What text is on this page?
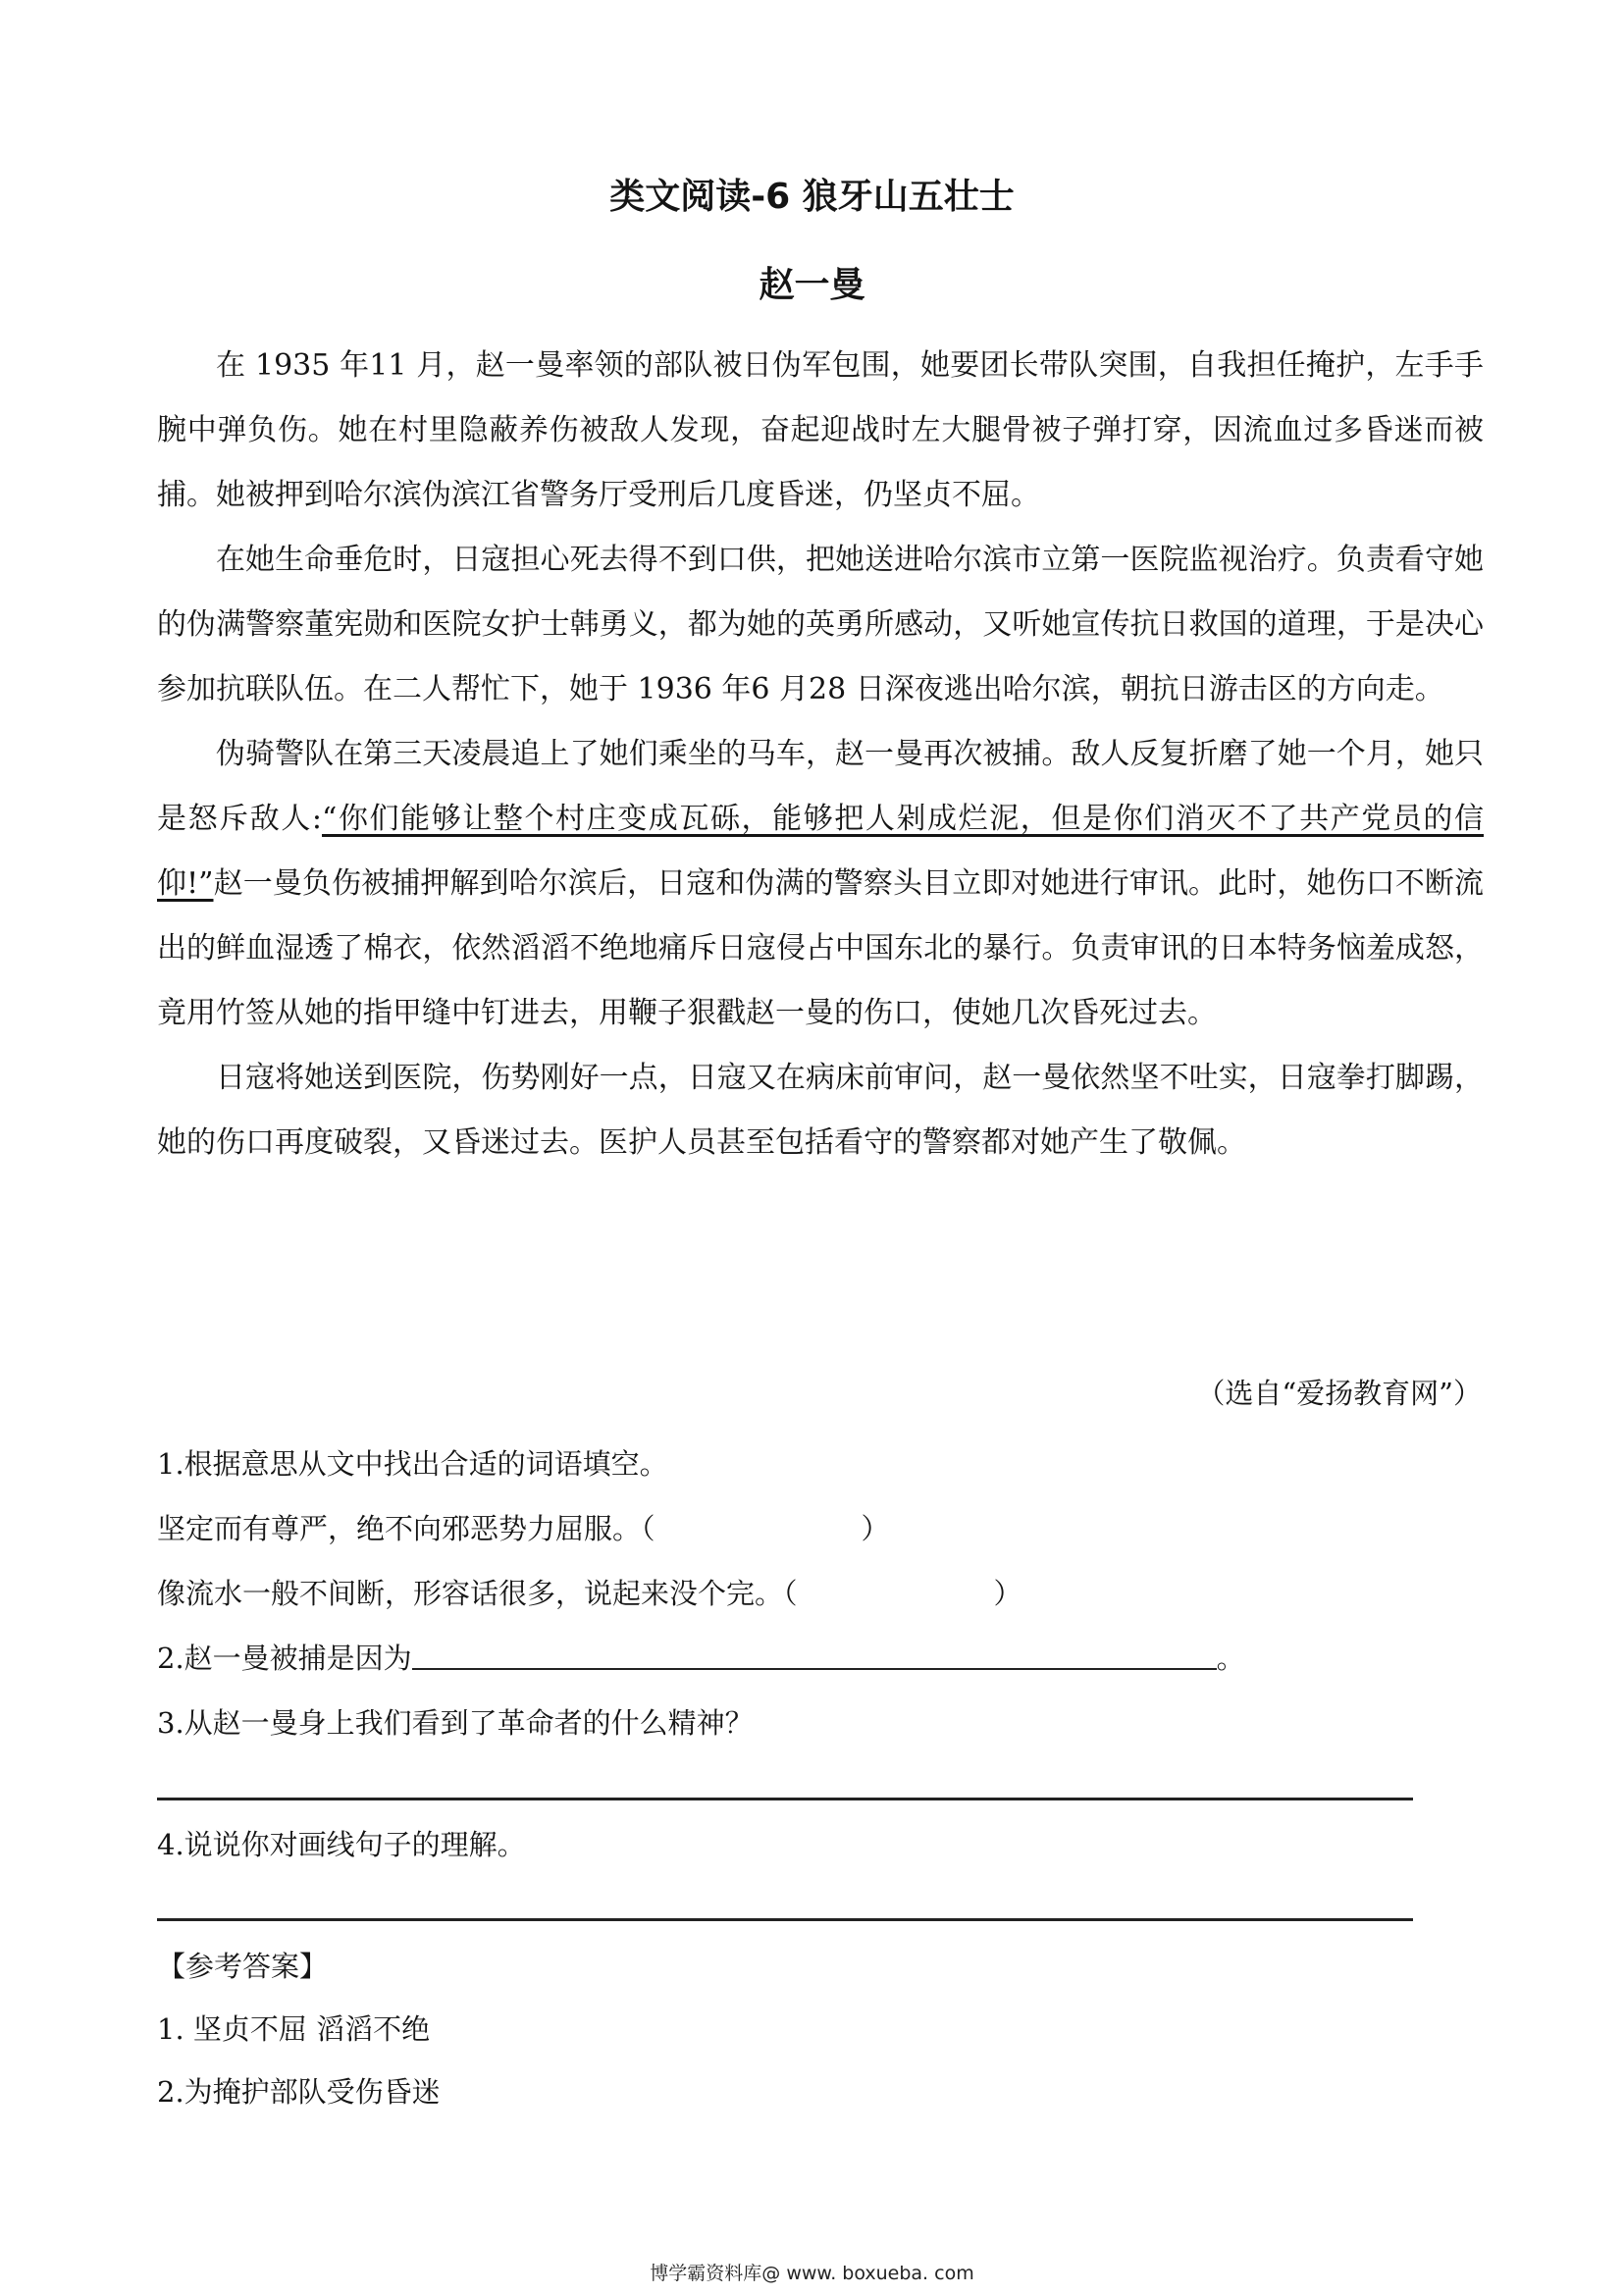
类文阅读-6 狼牙山五壮士
赵一曼

在 1935 年11 月，赵一曼率领的部队被日伪军包围，她要团长带队突围，自我担任掩护，左手手腕中弹负伤。她在村里隐蔽养伤被敌人发现，奋起迎战时左大腿骨被子弹打穿，因流血过多昏迷而被捕。她被押到哈尔滨伪滨江省警务厅受刑后几度昏迷，仍坚贞不屈。

在她生命垂危时，日寇担心死去得不到口供，把她送进哈尔滨市立第一医院监视治疗。负责看守她的伪满警察董宪勋和医院女护士韩勇义，都为她的英勇所感动，又听她宣传抗日救国的道理，于是决心参加抗联队伍。在二人帮忙下，她于 1936 年6 月28 日深夜逃出哈尔滨，朝抗日游击区的方向走。

伪骑警队在第三天凌晨追上了她们乘坐的马车，赵一曼再次被捕。敌人反复折磨了她一个月，她只是怒斥敌人:“你们能够让整个村庄变成瓦砾，能够把人剁成烂泥，但是你们消灭不了共产党员的信仰!”赵一曼负伤被捕押解到哈尔滨后，日寇和伪满的警察头目立即对她进行审讯。此时，她伤口不断流出的鲜血湿透了棉衣，依然滔滔不绝地痛斥日寇侵占中国东北的暴行。负责审讯的日本特务恼羞成怒，竟用竹签从她的指甲缝中钉进去，用鞭子狠戳赵一曼的伤口，使她几次昏死过去。

日寇将她送到医院，伤势刚好一点，日寇又在病床前审问，赵一曼依然坚不吐实，日寇拳打脚踢，她的伤口再度破裂，又昏迷过去。医护人员甚至包括看守的警察都对她产生了敬佩。

（选自“爱扬教育网”）
1.根据意思从文中找出合适的词语填空。
坚定而有尊严，绝不向邪恶势力屈服。（	）
像流水一般不间断，形容话很多，说起来没个完。（	）
2.赵一曼被捕是因为	。
3.从赵一曼身上我们看到了革命者的什么精神？
4.说说你对画线句子的理解。
【参考答案】
1. 坚贞不屈 滔滔不绝
2.为掩护部队受伤昏迷
博学霸资料库@ www. boxueba. com
